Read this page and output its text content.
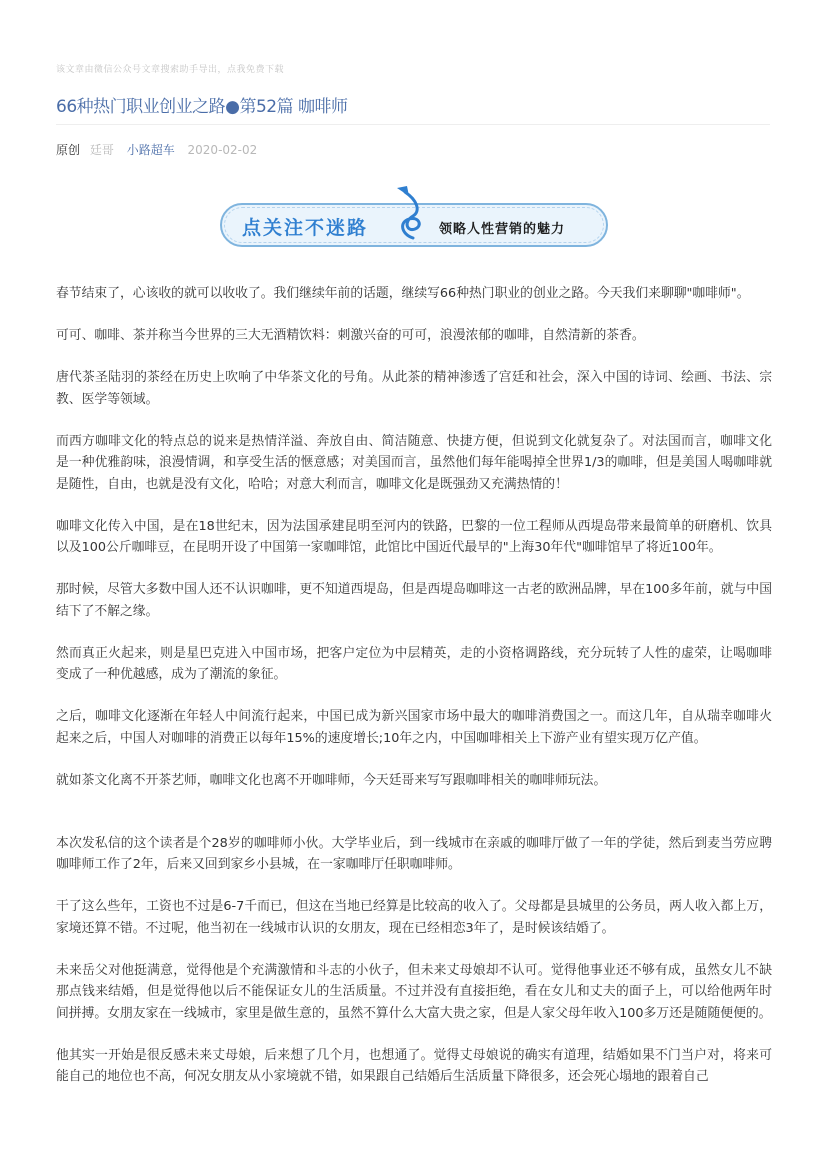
该文章由微信公众号文章搜索助手导出，点我免费下载
66种热门职业创业之路●第52篇 咖啡师
原创 廷哥 小路超车 2020-02-02
点关注不迷路	领略人性营销的魅力

春节结束了，心该收的就可以收收了。我们继续年前的话题，继续写66种热门职业的创业之路。今天我们来聊聊"咖啡师"。

可可、咖啡、茶并称当今世界的三大无酒精饮料：刺激兴奋的可可，浪漫浓郁的咖啡，自然清新的茶香。

唐代茶圣陆羽的茶经在历史上吹响了中华茶文化的号角。从此茶的精神渗透了宫廷和社会，深入中国的诗词、绘画、书法、宗教、医学等领域。

而西方咖啡文化的特点总的说来是热情洋溢、奔放自由、简洁随意、快捷方便，但说到文化就复杂了。对法国而言，咖啡文化是一种优雅韵味，浪漫情调，和享受生活的惬意感；对美国而言，虽然他们每年能喝掉全世界1/3的咖啡，但是美国人喝咖啡就是随性，自由，也就是没有文化，哈哈；对意大利而言，咖啡文化是既强劲又充满热情的！

咖啡文化传入中国，是在18世纪末，因为法国承建昆明至河内的铁路，巴黎的一位工程师从西堤岛带来最简单的研磨机、饮具以及100公斤咖啡豆，在昆明开设了中国第一家咖啡馆，此馆比中国近代最早的"上海30年代"咖啡馆早了将近100年。

那时候，尽管大多数中国人还不认识咖啡，更不知道西堤岛，但是西堤岛咖啡这一古老的欧洲品牌，早在100多年前，就与中国结下了不解之缘。

然而真正火起来，则是星巴克进入中国市场，把客户定位为中层精英，走的小资格调路线，充分玩转了人性的虚荣，让喝咖啡变成了一种优越感，成为了潮流的象征。

之后，咖啡文化逐渐在年轻人中间流行起来，中国已成为新兴国家市场中最大的咖啡消费国之一。而这几年，自从瑞幸咖啡火起来之后，中国人对咖啡的消费正以每年15%的速度增长;10年之内，中国咖啡相关上下游产业有望实现万亿产值。

就如茶文化离不开茶艺师，咖啡文化也离不开咖啡师，今天廷哥来写写跟咖啡相关的咖啡师玩法。

本次发私信的这个读者是个28岁的咖啡师小伙。大学毕业后，到一线城市在亲戚的咖啡厅做了一年的学徒，然后到麦当劳应聘咖啡师工作了2年，后来又回到家乡小县城，在一家咖啡厅任职咖啡师。

干了这么些年，工资也不过是6-7千而已，但这在当地已经算是比较高的收入了。父母都是县城里的公务员，两人收入都上万，家境还算不错。不过呢，他当初在一线城市认识的女朋友，现在已经相恋3年了，是时候该结婚了。

未来岳父对他挺满意，觉得他是个充满激情和斗志的小伙子，但未来丈母娘却不认可。觉得他事业还不够有成，虽然女儿不缺那点钱来结婚，但是觉得他以后不能保证女儿的生活质量。不过并没有直接拒绝，看在女儿和丈夫的面子上，可以给他两年时间拼搏。女朋友家在一线城市，家里是做生意的，虽然不算什么大富大贵之家，但是人家父母年收入100多万还是随随便便的。

他其实一开始是很反感未来丈母娘，后来想了几个月，也想通了。觉得丈母娘说的确实有道理，结婚如果不门当户对，将来可能自己的地位也不高，何况女朋友从小家境就不错，如果跟自己结婚后生活质量下降很多，还会死心塌地的跟着自己
